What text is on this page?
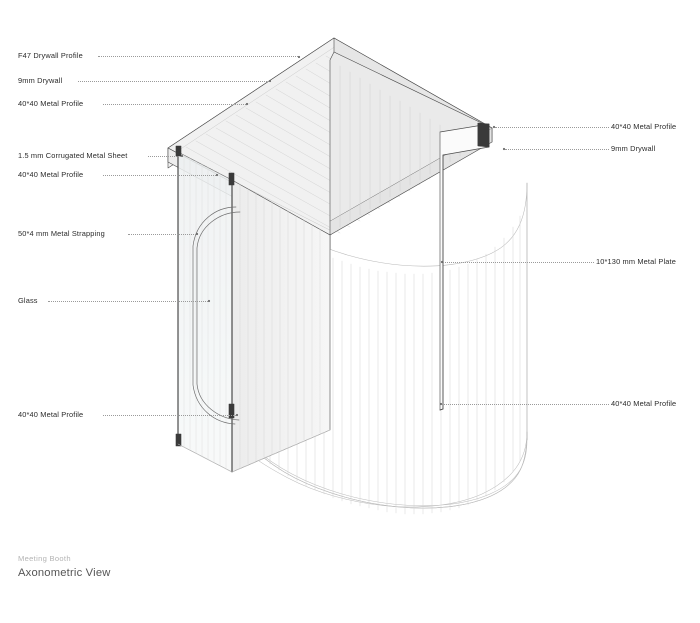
F47 Drywall Profile
9mm Drywall
40*40 Metal Profile
1.5 mm Corrugated Metal Sheet
40*40 Metal Profile
50*4 mm Metal Strapping
Glass
40*40 Metal Profile
40*40 Metal Profile
9mm Drywall
10*130 mm Metal Plate
40*40 Metal Profile
Meeting Booth
Axonometric View
